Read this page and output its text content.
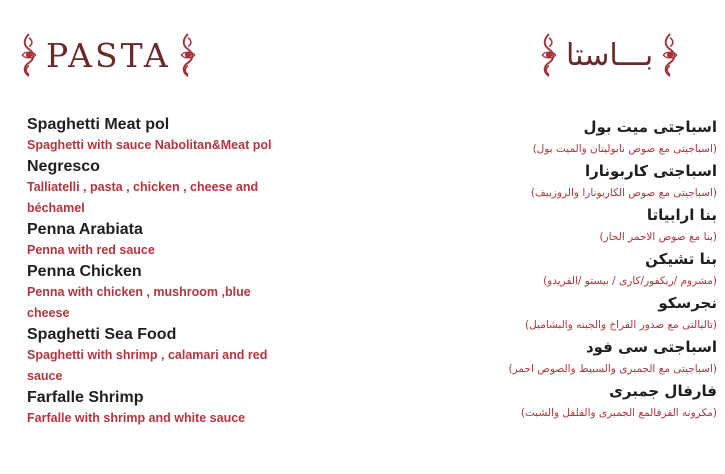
PASTA	بـــاستا
Spaghetti Meat pol
Spaghetti with sauce Nabolitan&Meat pol
Negresco
Talliatelli , pasta , chicken , cheese and
béchamel
Penna Arabiata
Penna with red sauce
Penna Chicken
Penna with chicken , mushroom ,blue
cheese
Spaghetti Sea Food
Spaghetti with shrimp , calamari and red
sauce
Farfalle Shrimp
Farfalle with shrimp and white sauce
اسباجتى ميت بول
(اسباجيتى مع صوص نابوليتان والميت بول)
اسباجتى كاربونارا
(اسباجيتى مع صوص الكاربونارا والروزبيف)
بنا ارابياتا
(بنا مع صوص الاحمر الحار)
بنا تشيكن
(مشروم /ريكفور/كارى / بيستو /الفريدو)
نجرسكو
(تاليالتى مع صدور الفراخ والجبنه والبشاميل)
اسباجتى سى فود
(اسباجيتى مع الجمبرى والسبيط والصوص احمر)
فارفال جمبرى
(مكرونه الفرفالمع الجمبرى والفلفل والشبت)
